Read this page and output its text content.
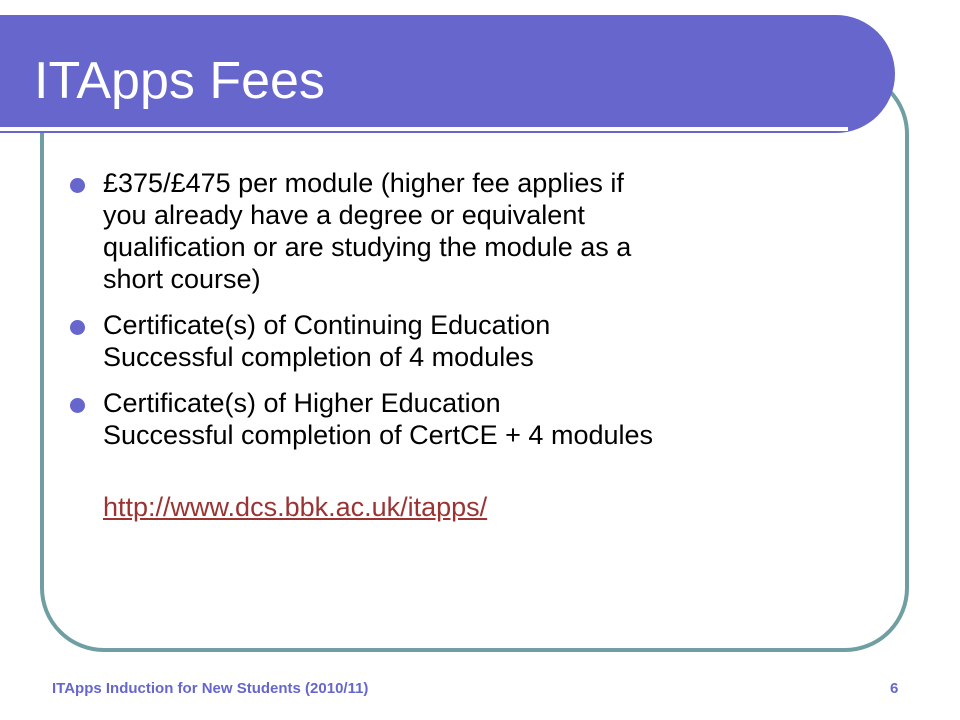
ITApps Fees
£375/£475 per module (higher fee applies if
you already have a degree or equivalent
qualification or are studying the module as a
short course)
Certificate(s) of Continuing Education
Successful completion of 4 modules
Certificate(s) of Higher Education
Successful completion of CertCE + 4 modules
http://www.dcs.bbk.ac.uk/itapps/
ITApps Induction for New Students (2010/11)	6
